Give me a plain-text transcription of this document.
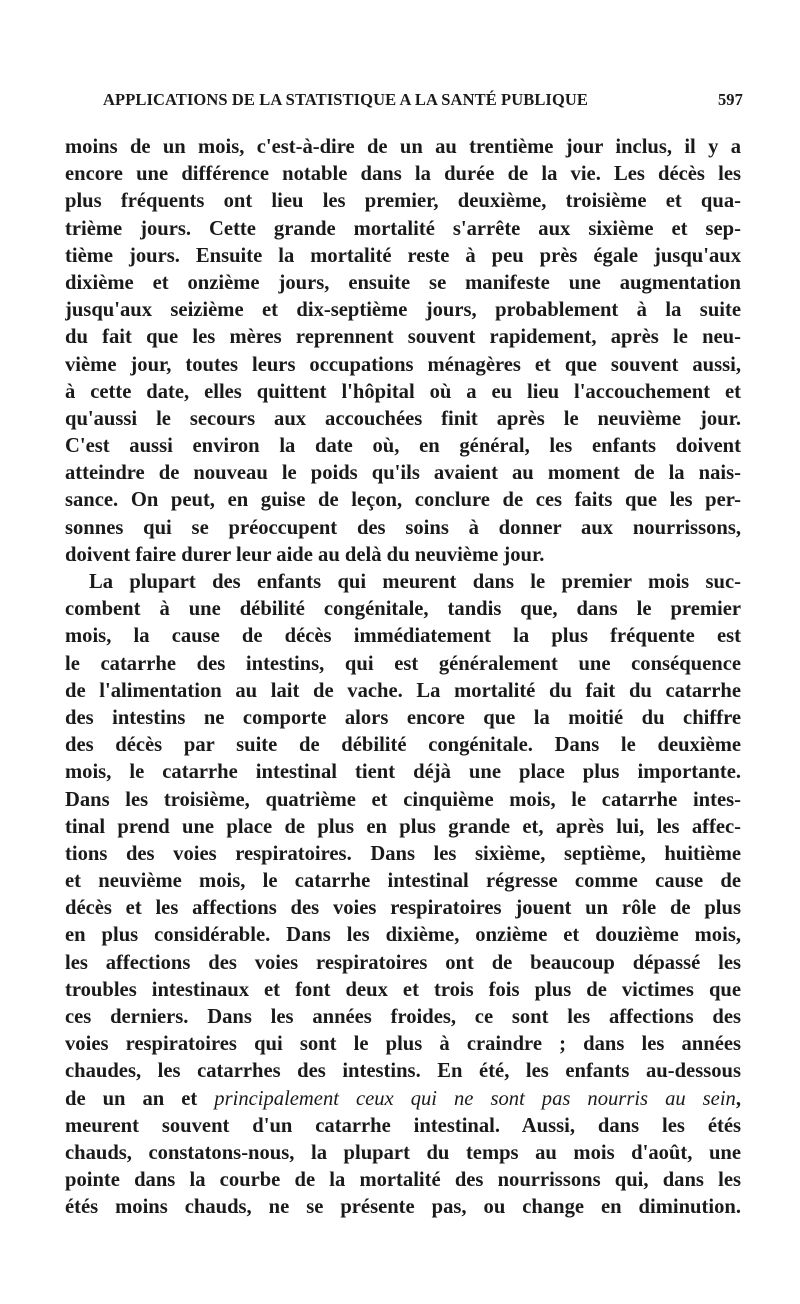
APPLICATIONS DE LA STATISTIQUE A LA SANTÉ PUBLIQUE	597
moins de un mois, c'est-à-dire de un au trentième jour inclus, il y a
encore une différence notable dans la durée de la vie. Les décès les
plus fréquents ont lieu les premier, deuxième, troisième et qua-
trième jours. Cette grande mortalité s'arrête aux sixième et sep-
tième jours. Ensuite la mortalité reste à peu près égale jusqu'aux
dixième et onzième jours, ensuite se manifeste une augmentation
jusqu'aux seizième et dix-septième jours, probablement à la suite
du fait que les mères reprennent souvent rapidement, après le neu-
vième jour, toutes leurs occupations ménagères et que souvent aussi,
à cette date, elles quittent l'hôpital où a eu lieu l'accouchement et
qu'aussi le secours aux accouchées finit après le neuvième jour.
C'est aussi environ la date où, en général, les enfants doivent
atteindre de nouveau le poids qu'ils avaient au moment de la nais-
sance. On peut, en guise de leçon, conclure de ces faits que les per-
sonnes qui se préoccupent des soins à donner aux nourrissons,
doivent faire durer leur aide au delà du neuvième jour.
La plupart des enfants qui meurent dans le premier mois suc-
combent à une débilité congénitale, tandis que, dans le premier
mois, la cause de décès immédiatement la plus fréquente est
le catarrhe des intestins, qui est généralement une conséquence
de l'alimentation au lait de vache. La mortalité du fait du catarrhe
des intestins ne comporte alors encore que la moitié du chiffre
des décès par suite de débilité congénitale. Dans le deuxième
mois, le catarrhe intestinal tient déjà une place plus importante.
Dans les troisième, quatrième et cinquième mois, le catarrhe intes-
tinal prend une place de plus en plus grande et, après lui, les affec-
tions des voies respiratoires. Dans les sixième, septième, huitième
et neuvième mois, le catarrhe intestinal régresse comme cause de
décès et les affections des voies respiratoires jouent un rôle de plus
en plus considérable. Dans les dixième, onzième et douzième mois,
les affections des voies respiratoires ont de beaucoup dépassé les
troubles intestinaux et font deux et trois fois plus de victimes que
ces derniers. Dans les années froides, ce sont les affections des
voies respiratoires qui sont le plus à craindre ; dans les années
chaudes, les catarrhes des intestins. En été, les enfants au-dessous
de un an et principalement ceux qui ne sont pas nourris au sein,
meurent souvent d'un catarrhe intestinal. Aussi, dans les étés
chauds, constatons-nous, la plupart du temps au mois d'août, une
pointe dans la courbe de la mortalité des nourrissons qui, dans les
étés moins chauds, ne se présente pas, ou change en diminution.
